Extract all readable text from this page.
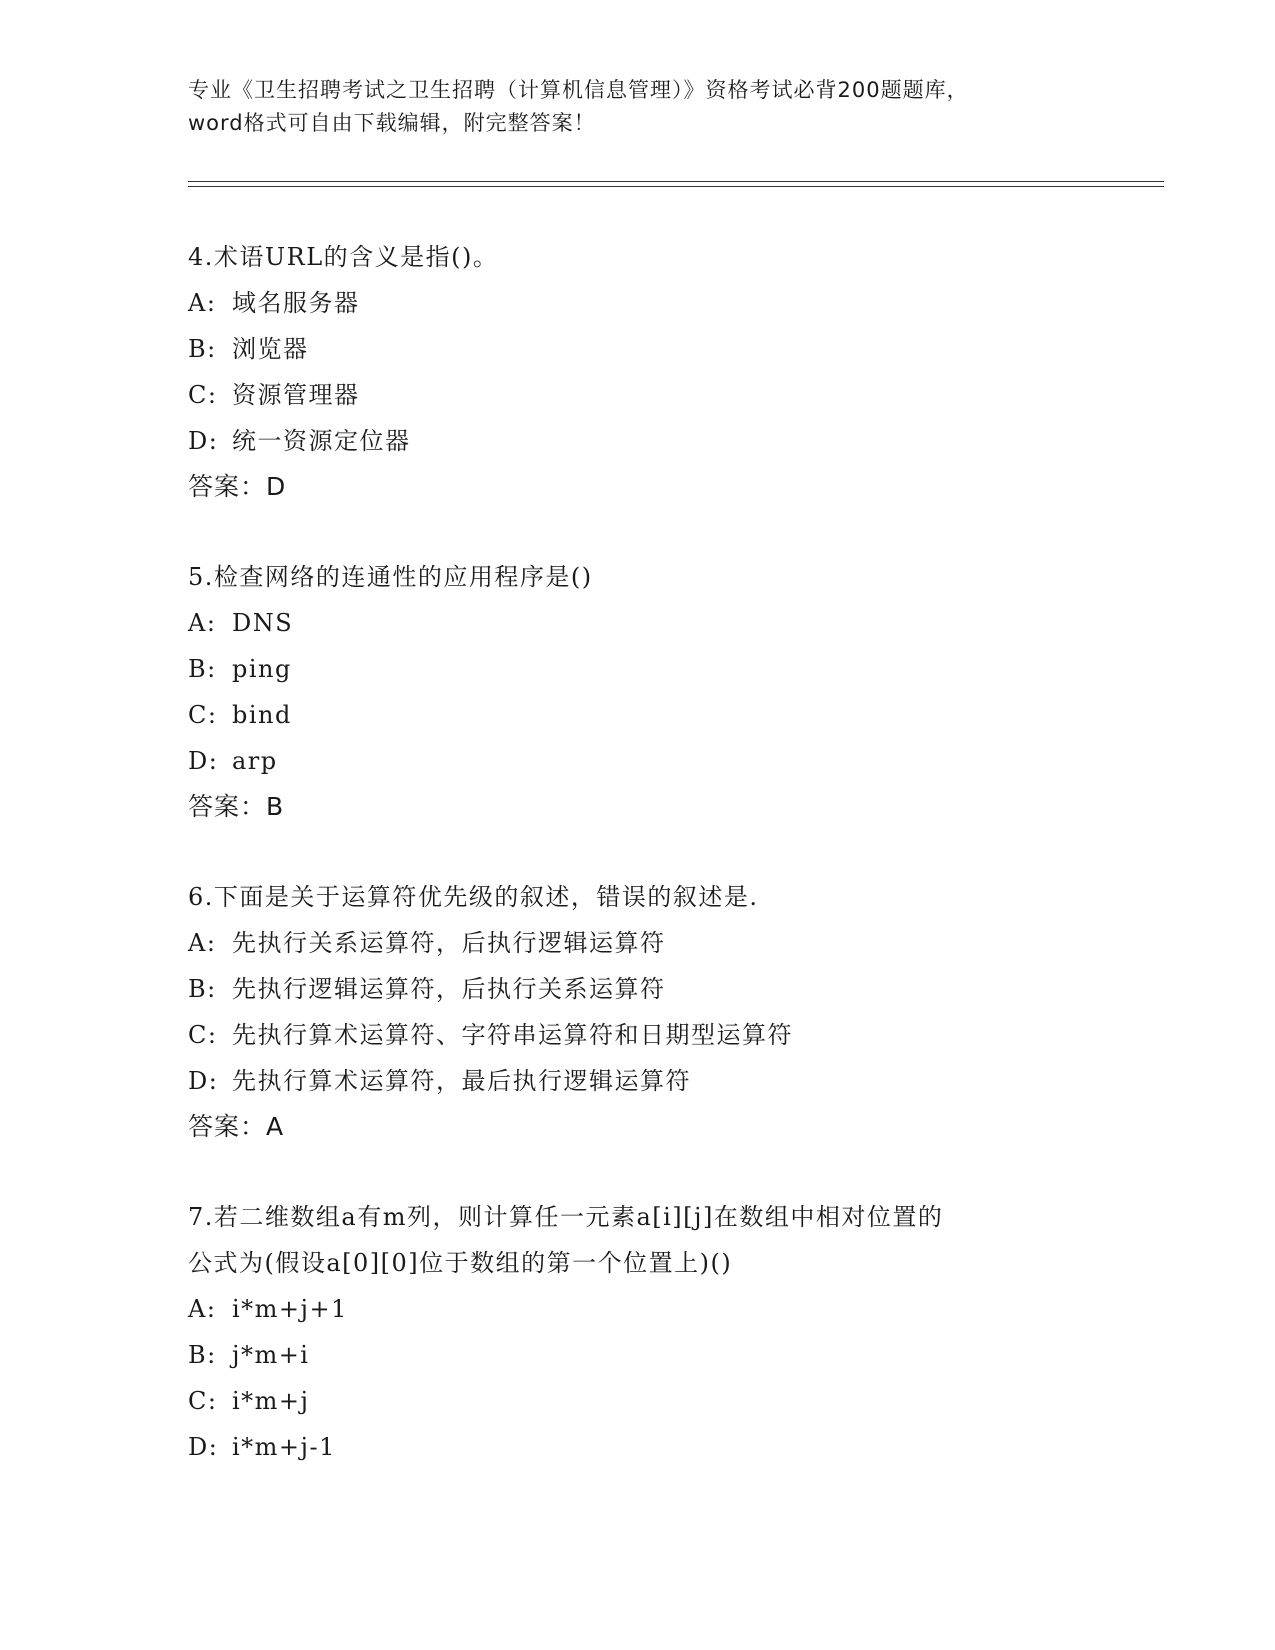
专业《卫生招聘考试之卫生招聘（计算机信息管理）》资格考试必背200题题库，
word格式可自由下载编辑，附完整答案！
4.术语URL的含义是指()。
A: 域名服务器
B: 浏览器
C: 资源管理器
D: 统一资源定位器
答案：D
5.检查网络的连通性的应用程序是()
A: DNS
B: ping
C: bind
D: arp
答案：B
6.下面是关于运算符优先级的叙述，错误的叙述是.
A: 先执行关系运算符，后执行逻辑运算符
B: 先执行逻辑运算符，后执行关系运算符
C: 先执行算术运算符、字符串运算符和日期型运算符
D: 先执行算术运算符，最后执行逻辑运算符
答案：A
7.若二维数组a有m列，则计算任一元素a[i][j]在数组中相对位置的
公式为(假设a[0][0]位于数组的第一个位置上)()
A: i*m+j+1
B: j*m+i
C: i*m+j
D: i*m+j-1
